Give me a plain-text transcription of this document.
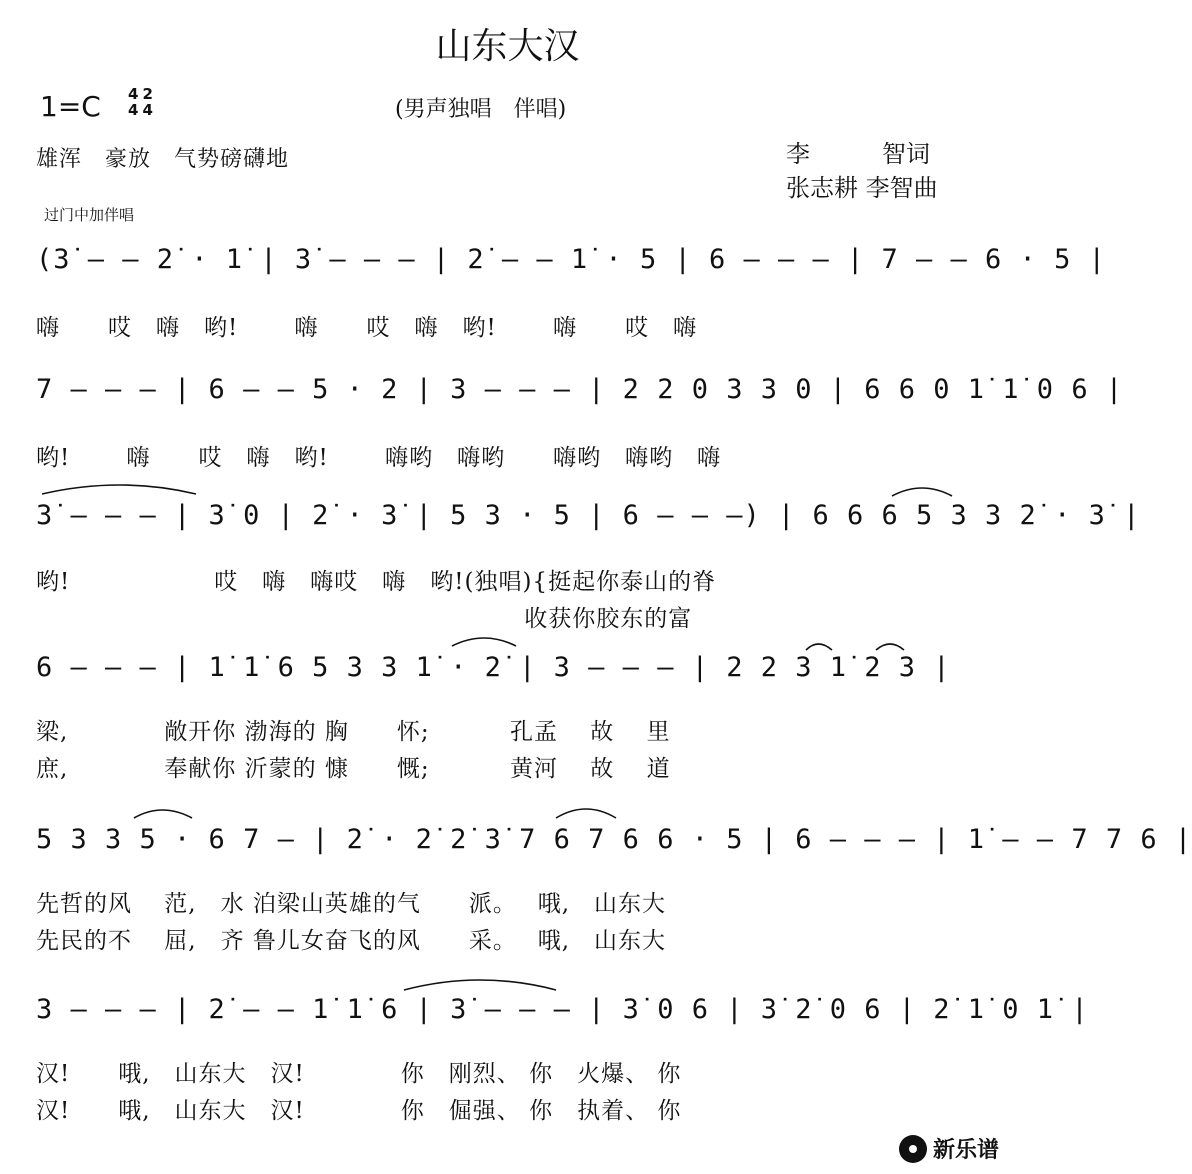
山东大汉
1=C 4
4
2
4	(男声独唱　伴唱)
雄浑　豪放　气势磅礴地	李　　　智词
张志耕 李智曲
过门中加伴唱
(3̇ – – 2̇ · 1̇ | 3̇ – – – | 2̇ – – 1̇ · 5 | 6 – – – | 7 – – 6 · 5 |
嗨　　哎　嗨　哟!　　 嗨　　哎　嗨　哟!　　 嗨　　哎　嗨
7 – – – | 6 – – 5 · 2 | 3 – – – | 2 2 0 3 3 0 | 6 6 0 1̇ 1̇ 0 6 |
哟!　　 嗨　　哎　嗨　哟!　　 嗨哟　嗨哟　　嗨哟　嗨哟　嗨
3̇ – – – | 3̇ 0 | 2̇ · 3̇ | 5 3 · 5 | 6 – – –) | 6 6 6 5 3 3 2̇ · 3̇ |
哟!　　　　　　哎　嗨　嗨哎　嗨　哟!(独唱){挺起你泰山的脊
　　　　　　　　　　　　　　　　　　　　 收获你胶东的富
6 – – – | 1̇ 1̇ 6 5 3 3 1̇ · 2̇ | 3 – – – | 2 2 3 1̇ 2 3 |
梁,　　　　敞开你 渤海的 胸　　怀;　　　 孔孟　 故　 里
庶,　　　　奉献你 沂蒙的 慷　　慨;　　　 黄河　 故　 道
5 3 3 5 · 6 7 – | 2̇ · 2̇ 2̇ 3̇ 7 6 7 6 6 · 5 | 6 – – – | 1̇ – – 7 7 6 |
先哲的风　 范,　水 泊梁山英雄的气　　派。　 哦,　山东大
先民的不　 屈,　齐 鲁儿女奋飞的风　　采。　 哦,　山东大
3 – – – | 2̇ – – 1̇ 1̇ 6 | 3̇ – – – | 3̇ 0 6 | 3̇ 2̇ 0 6 | 2̇ 1̇ 0 1̇ |
汉!　　哦,　山东大　汉!　　　　你　刚烈、 你　火爆、 你
汉!　　哦,　山东大　汉!　　　　你　倔强、 你　执着、 你
新乐谱
